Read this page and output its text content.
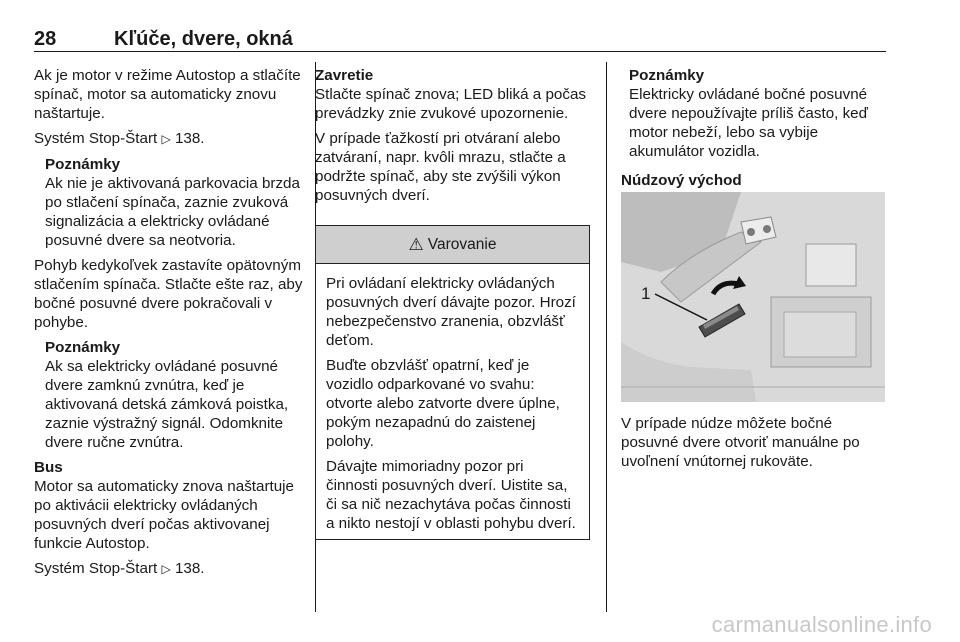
28	Kľúče, dvere, okná

Ak je motor v režime Autostop a stlačíte spínač, motor sa automaticky znovu naštartuje.

Systém Stop-Štart ▷ 138.

Poznámky

Ak nie je aktivovaná parkovacia brzda po stlačení spínača, zaznie zvuková signalizácia a elektricky ovládané posuvné dvere sa neotvoria.

Pohyb kedykoľvek zastavíte opätovným stlačením spínača. Stlačte ešte raz, aby bočné posuvné dvere pokračovali v pohybe.

Poznámky

Ak sa elektricky ovládané posuvné dvere zamknú zvnútra, keď je aktivovaná detská zámková poistka, zaznie výstražný signál. Odomknite dvere ručne zvnútra.

Bus

Motor sa automaticky znova naštartuje po aktivácii elektricky ovládaných posuvných dverí počas aktivovanej funkcie Autostop.

Systém Stop-Štart ▷ 138.

Zavretie

Stlačte spínač znova; LED bliká a počas prevádzky znie zvukové upozornenie.

V prípade ťažkostí pri otváraní alebo zatváraní, napr. kvôli mrazu, stlačte a podržte spínač, aby ste zvýšili výkon posuvných dverí.

⚠ Varovanie

Pri ovládaní elektricky ovládaných posuvných dverí dávajte pozor. Hrozí nebezpečenstvo zranenia, obzvlášť deťom.

Buďte obzvlášť opatrní, keď je vozidlo odparkované vo svahu: otvorte alebo zatvorte dvere úplne, pokým nezapadnú do zaistenej polohy.

Dávajte mimoriadny pozor pri činnosti posuvných dverí. Uistite sa, či sa nič nezachytáva počas činnosti a nikto nestojí v oblasti pohybu dverí.

Poznámky

Elektricky ovládané bočné posuvné dvere nepoužívajte príliš často, keď motor nebeží, lebo sa vybije akumulátor vozidla.

Núdzový východ
1

V prípade núdze môžete bočné posuvné dvere otvoriť manuálne po uvoľnení vnútornej rukoväte.

carmanualsonline.info
